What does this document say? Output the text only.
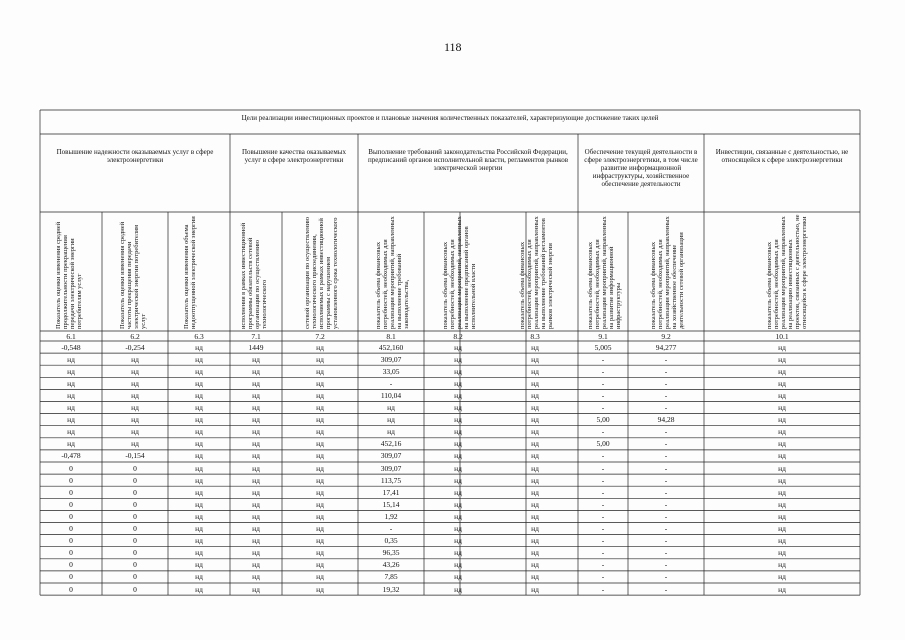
118
Цели реализации инвестиционных проектов и плановые значения количественных показателей, характеризующие достижение таких целей
Повышение надежности оказываемых услуг в сфере электроэнергетики
Повышение качества оказываемых услуг в сфере электроэнергетики
Выполнение требований законодательства Российской Федерации, предписаний органов исполнительной власти, регламентов рынков электрической энергии
Обеспечение текущей деятельности в сфере электроэнергетики, в том числе развитие информационной инфраструктуры, хозяйственное обеспечение деятельности
Инвестиции, связанные с деятельностью, не относящейся к сфере электроэнергетики
Показатель оценки изменения средней продолжительности прекращения передачи электрической энергии потребителям услуг	Показатель оценки изменения средней частоты прекращения передачи электрической энергии потребителям услуг	Показатель оценки изменения объема недоотпущенной электрической энергии	исполнения в рамках инвестиционной программы обязательств сетевой организации по осуществлению технологического	сетевой организации по осуществлению технологического присоединения, исполняемых в рамках инвестиционной программы с нарушением установленного срока технологического	показатель объема финансовых потребностей, необходимых для реализации мероприятий, направленных на выполнение требований законодательства,	показатель объема финансовых потребностей, необходимых для реализации мероприятий, направленных на выполнение предписаний органов исполнительной власти	показатель объема финансовых потребностей, необходимых для реализации мероприятий, направленных на выполнение требований регламентов рынков электрической энергии	показатель объема финансовых потребностей, необходимых для реализации мероприятий, направленных на развитие информационной инфраструктуры	показатель объема финансовых потребностей, необходимых для реализации мероприятий, направленных на хозяйственное обеспечение деятельности сетевой организации	показатель объема финансовых потребностей, необходимых для реализации мероприятий, направленных на реализацию инвестиционных проектов, связанных с деятельностью, не относящейся к сфере электроэнергетики
6.1	6.2	6.3	7.1	7.2	8.1	8.2	8.3	9.1	9.2	10.1
-0,548	-0,254	нд	1449	нд	452,160	нд	нд	5,005	94,277	нд
нд	нд	нд	нд	нд	309,07	нд	нд	-	-	нд
нд	нд	нд	нд	нд	33,05	нд	нд	-	-	нд
нд	нд	нд	нд	нд	-	нд	нд	-	-	нд
нд	нд	нд	нд	нд	110,04	нд	нд	-	-	нд
нд	нд	нд	нд	нд	нд	нд	нд	-	-	нд
нд	нд	нд	нд	нд	нд	нд	нд	5,00	94,28	нд
нд	нд	нд	нд	нд	нд	нд	нд	-	-	нд
нд	нд	нд	нд	нд	452,16	нд	нд	5,00	-	нд
-0,478	-0,154	нд	нд	нд	309,07	нд	нд	-	-	нд
0	0	нд	нд	нд	309,07	нд	нд	-	-	нд
0	0	нд	нд	нд	113,75	нд	нд	-	-	нд
0	0	нд	нд	нд	17,41	нд	нд	-	-	нд
0	0	нд	нд	нд	15,14	нд	нд	-	-	нд
0	0	нд	нд	нд	1,92	нд	нд	-	-	нд
0	0	нд	нд	нд	-	нд	нд	-	-	нд
0	0	нд	нд	нд	0,35	нд	нд	-	-	нд
0	0	нд	нд	нд	96,35	нд	нд	-	-	нд
0	0	нд	нд	нд	43,26	нд	нд	-	-	нд
0	0	нд	нд	нд	7,85	нд	нд	-	-	нд
0	0	нд	нд	нд	19,32	нд	нд	-	-	нд
